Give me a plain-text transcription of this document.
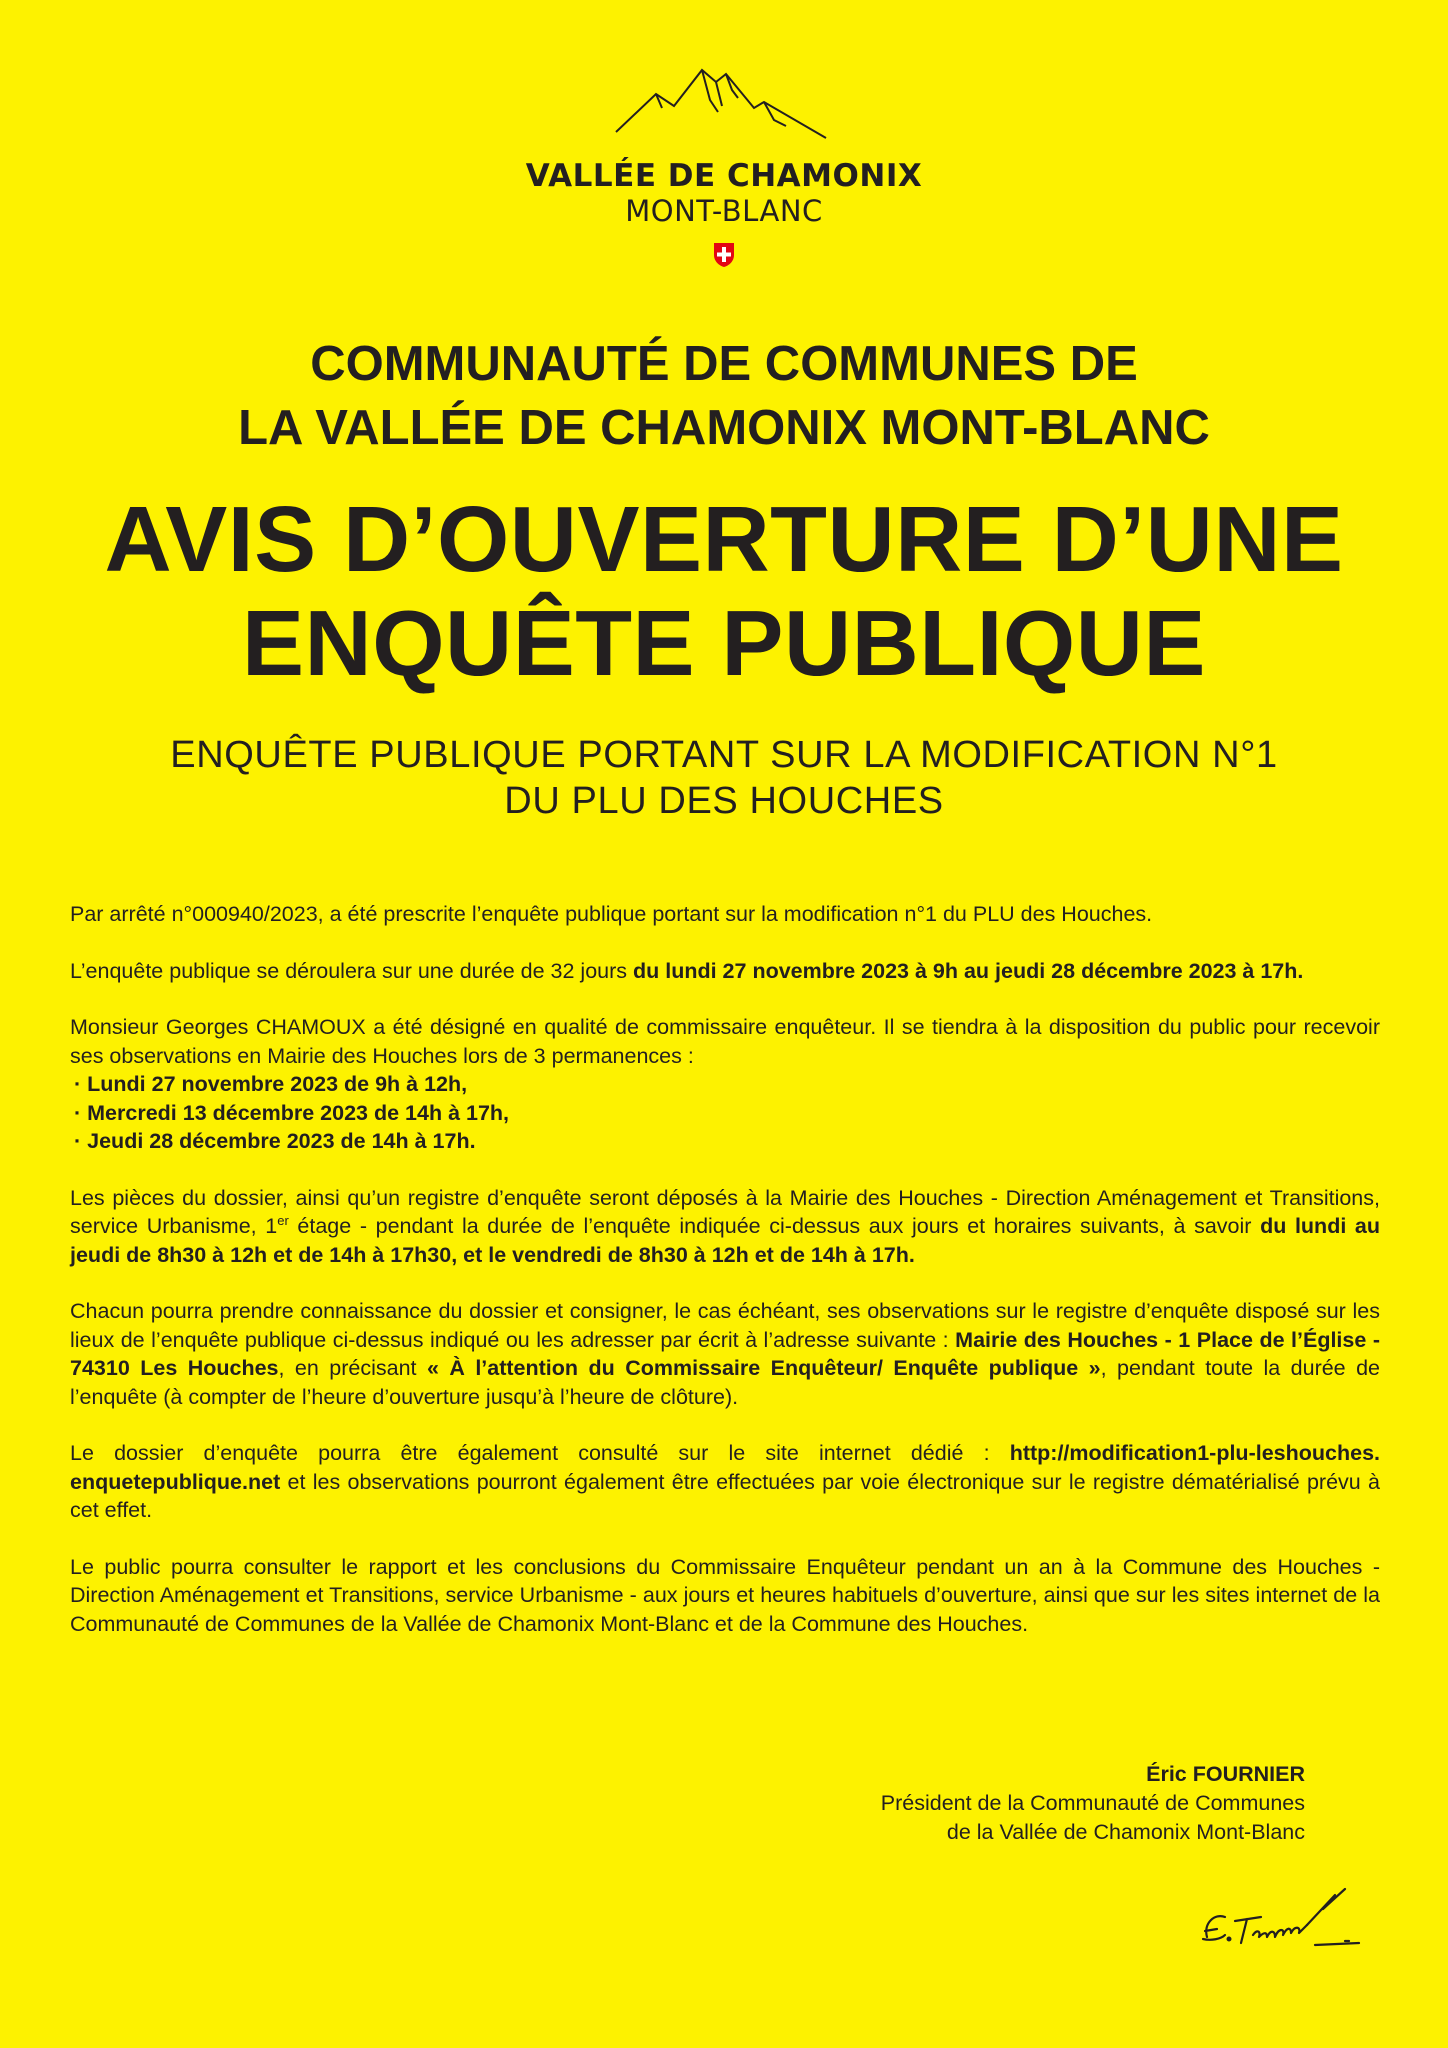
VALLÉE DE CHAMONIX
MONT-BLANC
COMMUNAUTÉ DE COMMUNES DE
LA VALLÉE DE CHAMONIX MONT-BLANC
AVIS D’OUVERTURE D’UNE
ENQUÊTE PUBLIQUE
ENQUÊTE PUBLIQUE PORTANT SUR LA MODIFICATION N°1
DU PLU DES HOUCHES

Par arrêté n°000940/2023, a été prescrite l’enquête publique portant sur la modification n°1 du PLU des Houches.

L’enquête publique se déroulera sur une durée de 32 jours du lundi 27 novembre 2023 à 9h au jeudi 28 décembre 2023 à 17h.

Monsieur Georges CHAMOUX a été désigné en qualité de commissaire enquêteur. Il se tiendra à la disposition du public pour recevoir ses observations en Mairie des Houches lors de 3 permanences :
· Lundi 27 novembre 2023 de 9h à 12h,
· Mercredi 13 décembre 2023 de 14h à 17h,
· Jeudi 28 décembre 2023 de 14h à 17h.

Les pièces du dossier, ainsi qu’un registre d’enquête seront déposés à la Mairie des Houches - Direction Aménagement et Transitions, service Urbanisme, 1er étage - pendant la durée de l’enquête indiquée ci-dessus aux jours et horaires suivants, à savoir du lundi au jeudi de 8h30 à 12h et de 14h à 17h30, et le vendredi de 8h30 à 12h et de 14h à 17h.

Chacun pourra prendre connaissance du dossier et consigner, le cas échéant, ses observations sur le registre d’enquête disposé sur les lieux de l’enquête publique ci-dessus indiqué ou les adresser par écrit à l’adresse suivante : Mairie des Houches - 1 Place de l’Église - 74310 Les Houches, en précisant « À l’attention du Commissaire Enquêteur/ Enquête publique », pendant toute la durée de l’enquête (à compter de l’heure d’ouverture jusqu’à l’heure de clôture).

Le dossier d’enquête pourra être également consulté sur le site internet dédié : http://modification1-plu-leshouches. enquetepublique.net et les observations pourront également être effectuées par voie électronique sur le registre dématérialisé prévu à cet effet.

Le public pourra consulter le rapport et les conclusions du Commissaire Enquêteur pendant un an à la Commune des Houches - Direction Aménagement et Transitions, service Urbanisme - aux jours et heures habituels d’ouverture, ainsi que sur les sites internet de la Communauté de Communes de la Vallée de Chamonix Mont-Blanc et de la Commune des Houches.

Éric FOURNIER
Président de la Communauté de Communes
de la Vallée de Chamonix Mont-Blanc
